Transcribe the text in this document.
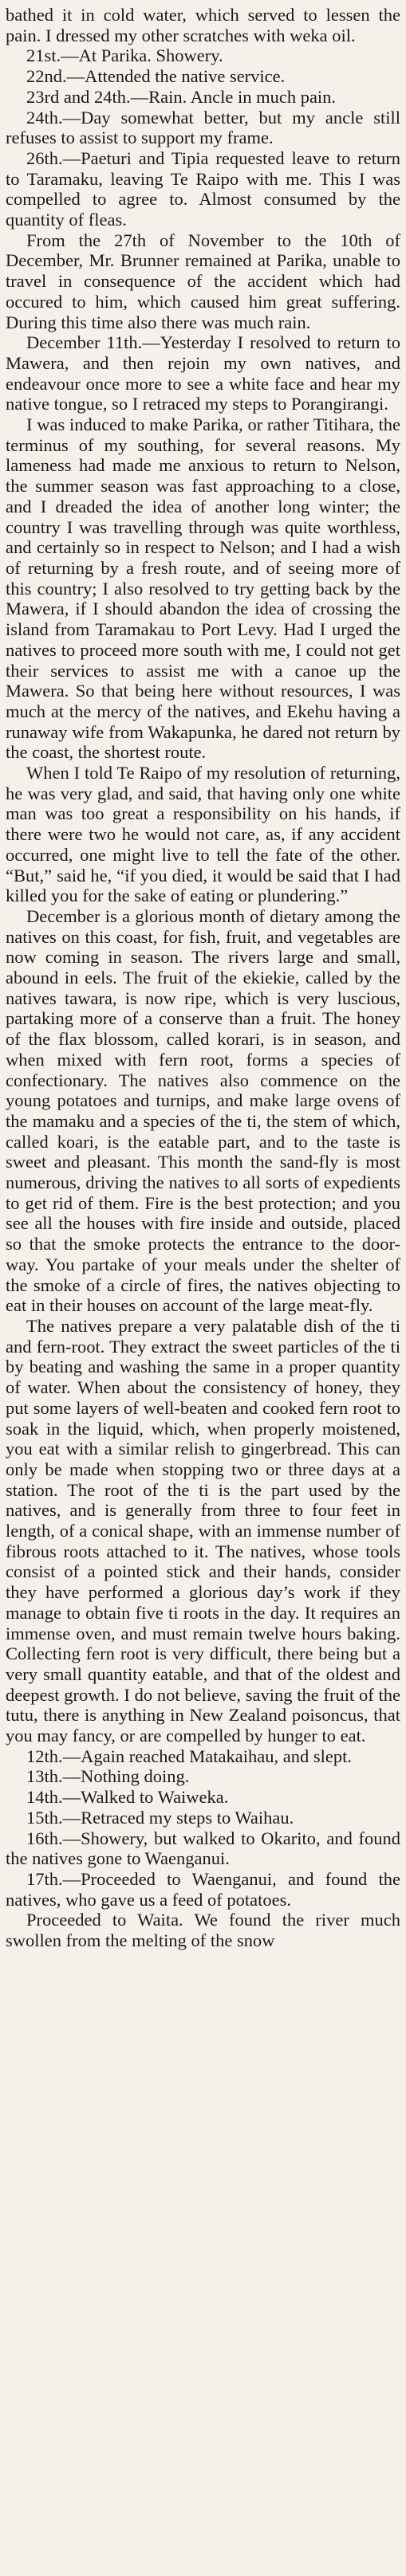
bathed it in cold water, which served to lessen the pain. I dressed my other scratches with weka oil.

21st.—At Parika. Showery.

22nd.—Attended the native service.

23rd and 24th.—Rain. Ancle in much pain.

24th.—Day somewhat better, but my ancle still refuses to assist to support my frame.

26th.—Paeturi and Tipia requested leave to return to Taramaku, leaving Te Raipo with me. This I was compelled to agree to. Almost consumed by the quantity of fleas.

From the 27th of November to the 10th of December, Mr. Brunner remained at Parika, unable to travel in consequence of the accident which had occured to him, which caused him great suffering. During this time also there was much rain.

December 11th.—Yesterday I resolved to return to Mawera, and then rejoin my own natives, and endeavour once more to see a white face and hear my native tongue, so I retraced my steps to Porangirangi.

I was induced to make Parika, or rather Titihara, the terminus of my southing, for several reasons. My lameness had made me anxious to return to Nelson, the summer season was fast approaching to a close, and I dreaded the idea of another long winter; the country I was travelling through was quite worthless, and certainly so in respect to Nelson; and I had a wish of returning by a fresh route, and of seeing more of this country; I also resolved to try getting back by the Mawera, if I should abandon the idea of crossing the island from Taramakau to Port Levy. Had I urged the natives to proceed more south with me, I could not get their services to assist me with a canoe up the Mawera. So that being here without resources, I was much at the mercy of the natives, and Ekehu having a runaway wife from Wakapunka, he dared not return by the coast, the shortest route.

When I told Te Raipo of my resolution of returning, he was very glad, and said, that having only one white man was too great a responsibility on his hands, if there were two he would not care, as, if any accident occurred, one might live to tell the fate of the other. “But,” said he, “if you died, it would be said that I had killed you for the sake of eating or plundering.”

December is a glorious month of dietary among the natives on this coast, for fish, fruit, and vegetables are now coming in season. The rivers large and small, abound in eels. The fruit of the ekiekie, called by the natives tawara, is now ripe, which is very luscious, partaking more of a conserve than a fruit. The honey of the flax blossom, called korari, is in season, and when mixed with fern root, forms a species of confectionary. The natives also commence on the young potatoes and turnips, and make large ovens of the mamaku and a species of the ti, the stem of which, called koari, is the eatable part, and to the taste is sweet and pleasant. This month the sand-fly is most numerous, driving the natives to all sorts of expedients to get rid of them. Fire is the best protection; and you see all the houses with fire inside and outside, placed so that the smoke protects the entrance to the door-way. You partake of your meals under the shelter of the smoke of a circle of fires, the natives objecting to eat in their houses on account of the large meat-fly.

The natives prepare a very palatable dish of the ti and fern-root. They extract the sweet particles of the ti by beating and washing the same in a proper quantity of water. When about the consistency of honey, they put some layers of well-beaten and cooked fern root to soak in the liquid, which, when properly moistened, you eat with a similar relish to gingerbread. This can only be made when stopping two or three days at a station. The root of the ti is the part used by the natives, and is generally from three to four feet in length, of a conical shape, with an immense number of fibrous roots attached to it. The natives, whose tools consist of a pointed stick and their hands, consider they have performed a glorious day’s work if they manage to obtain five ti roots in the day. It requires an immense oven, and must remain twelve hours baking. Collecting fern root is very difficult, there being but a very small quantity eatable, and that of the oldest and deepest growth. I do not believe, saving the fruit of the tutu, there is anything in New Zealand poisoncus, that you may fancy, or are compelled by hunger to eat.

12th.—Again reached Matakaihau, and slept.

13th.—Nothing doing.

14th.—Walked to Waiweka.

15th.—Retraced my steps to Waihau.

16th.—Showery, but walked to Okarito, and found the natives gone to Waenganui.

17th.—Proceeded to Waenganui, and found the natives, who gave us a feed of potatoes.

Proceeded to Waita. We found the river much swollen from the melting of the snow
